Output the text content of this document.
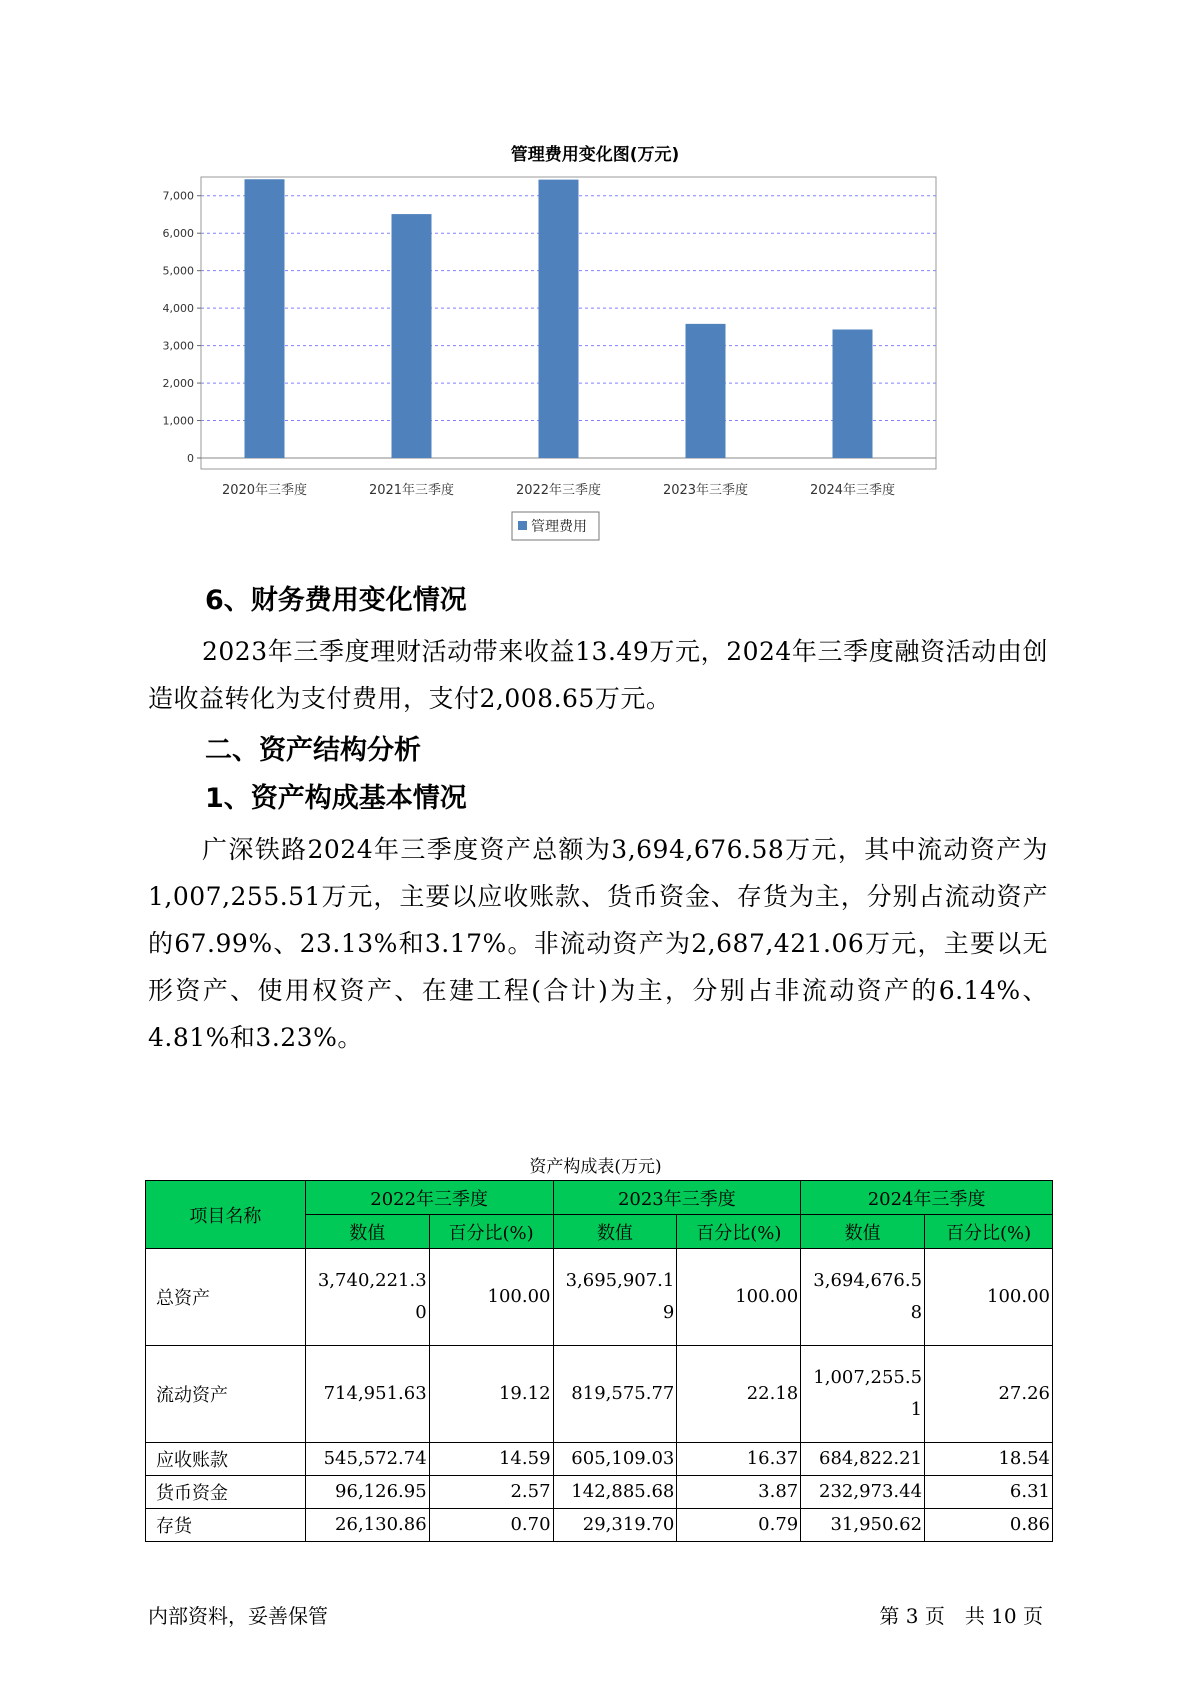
管理费用变化图(万元)
0
1,000
2,000
3,000
4,000
5,000
6,000
7,000
2020年三季度	2021年三季度	2022年三季度	2023年三季度	2024年三季度
管理费用
6、财务费用变化情况

2023年三季度理财活动带来收益13.49万元，2024年三季度融资活动由创造收益转化为支付费用，支付2,008.65万元。

二、资产结构分析
1、资产构成基本情况

广深铁路2024年三季度资产总额为3,694,676.58万元，其中流动资产为1,007,255.51万元，主要以应收账款、货币资金、存货为主，分别占流动资产的67.99%、23.13%和3.17%。非流动资产为2,687,421.06万元，主要以无形资产、使用权资产、在建工程(合计)为主，分别占非流动资产的6.14%、4.81%和3.23%。

资产构成表(万元)
项目名称	2022年三季度		2023年三季度		2024年三季度	
	数值	百分比(%)	数值	百分比(%)	数值	百分比(%)
总资产	3,740,221.30	100.00	3,695,907.19	100.00	3,694,676.58	100.00
流动资产	714,951.63	19.12	819,575.77	22.18	1,007,255.51	27.26
应收账款	545,572.74	14.59	605,109.03	16.37	684,822.21	18.54
货币资金	96,126.95	2.57	142,885.68	3.87	232,973.44	6.31
存货	26,130.86	0.70	29,319.70	0.79	31,950.62	0.86
内部资料，妥善保管	第 3 页　共 10 页
